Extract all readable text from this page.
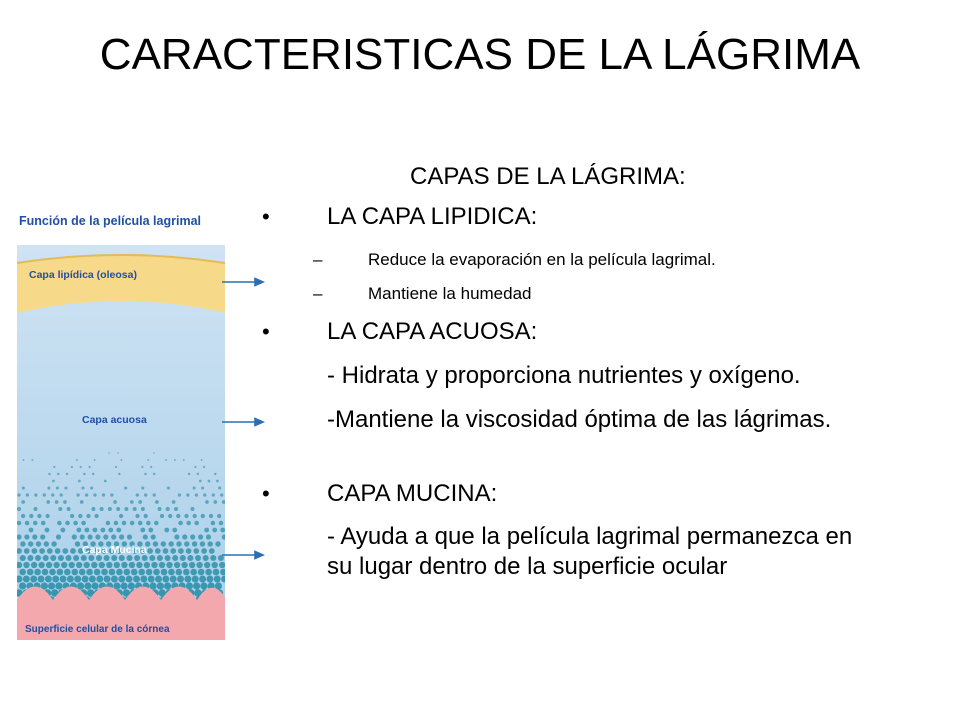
CARACTERISTICAS DE LA LÁGRIMA
CAPAS DE LA LÁGRIMA:
Función de la película lagrimal
Capa lipídica (oleosa)
Capa acuosa
Capa Mucina
Superficie celular de la córnea
• LA CAPA LIPIDICA:
–	Reduce la evaporación en la película lagrimal.
–	Mantiene la humedad
• LA CAPA ACUOSA:
- Hidrata y proporciona nutrientes y oxígeno.
-Mantiene la viscosidad óptima de las lágrimas.
• CAPA MUCINA:
- Ayuda a que la película lagrimal permanezca en su lugar dentro de la superficie ocular
